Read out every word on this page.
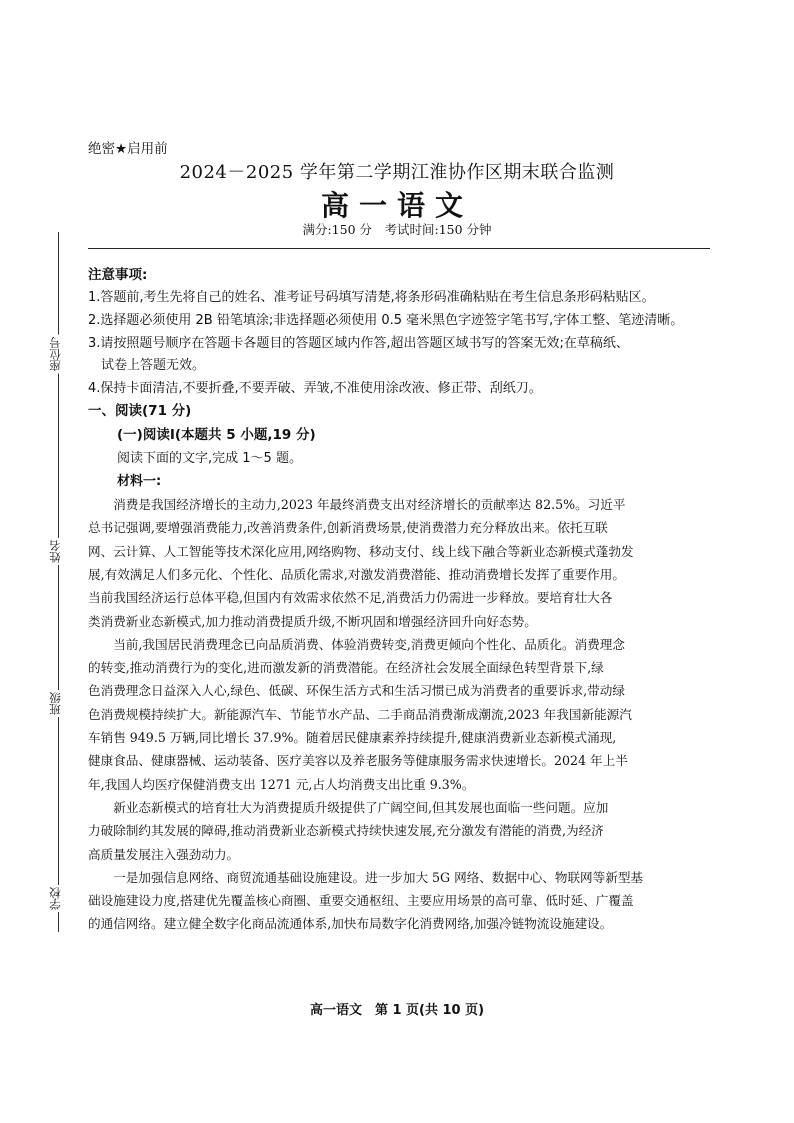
座位号
姓名
班级
学校
绝密★启用前
2024－2025 学年第二学期江淮协作区期末联合监测
高一语文
满分:150 分　考试时间:150 分钟
注意事项:
1.答题前,考生先将自己的姓名、准考证号码填写清楚,将条形码准确粘贴在考生信息条形码粘贴区。
2.选择题必须使用 2B 铅笔填涂;非选择题必须使用 0.5 毫米黑色字迹签字笔书写,字体工整、笔迹清晰。
3.请按照题号顺序在答题卡各题目的答题区域内作答,超出答题区域书写的答案无效;在草稿纸、
　试卷上答题无效。
4.保持卡面清洁,不要折叠,不要弄破、弄皱,不准使用涂改液、修正带、刮纸刀。
一、阅读(71 分)
(一)阅读Ⅰ(本题共 5 小题,19 分)
阅读下面的文字,完成 1～5 题。
材料一:
　　消费是我国经济增长的主动力,2023 年最终消费支出对经济增长的贡献率达 82.5%。习近平
总书记强调,要增强消费能力,改善消费条件,创新消费场景,使消费潜力充分释放出来。依托互联
网、云计算、人工智能等技术深化应用,网络购物、移动支付、线上线下融合等新业态新模式蓬勃发
展,有效满足人们多元化、个性化、品质化需求,对激发消费潜能、推动消费增长发挥了重要作用。
当前我国经济运行总体平稳,但国内有效需求依然不足,消费活力仍需进一步释放。要培育壮大各
类消费新业态新模式,加力推动消费提质升级,不断巩固和增强经济回升向好态势。
　　当前,我国居民消费理念已向品质消费、体验消费转变,消费更倾向个性化、品质化。消费理念
的转变,推动消费行为的变化,进而激发新的消费潜能。在经济社会发展全面绿色转型背景下,绿
色消费理念日益深入人心,绿色、低碳、环保生活方式和生活习惯已成为消费者的重要诉求,带动绿
色消费规模持续扩大。新能源汽车、节能节水产品、二手商品消费渐成潮流,2023 年我国新能源汽
车销售 949.5 万辆,同比增长 37.9%。随着居民健康素养持续提升,健康消费新业态新模式涌现,
健康食品、健康器械、运动装备、医疗美容以及养老服务等健康服务需求快速增长。2024 年上半
年,我国人均医疗保健消费支出 1271 元,占人均消费支出比重 9.3%。
　　新业态新模式的培育壮大为消费提质升级提供了广阔空间,但其发展也面临一些问题。应加
力破除制约其发展的障碍,推动消费新业态新模式持续快速发展,充分激发有潜能的消费,为经济
高质量发展注入强劲动力。
　　一是加强信息网络、商贸流通基础设施建设。进一步加大 5G 网络、数据中心、物联网等新型基
础设施建设力度,搭建优先覆盖核心商圈、重要交通枢纽、主要应用场景的高可靠、低时延、广覆盖
的通信网络。建立健全数字化商品流通体系,加快布局数字化消费网络,加强冷链物流设施建设。
高一语文　第 1 页(共 10 页)
